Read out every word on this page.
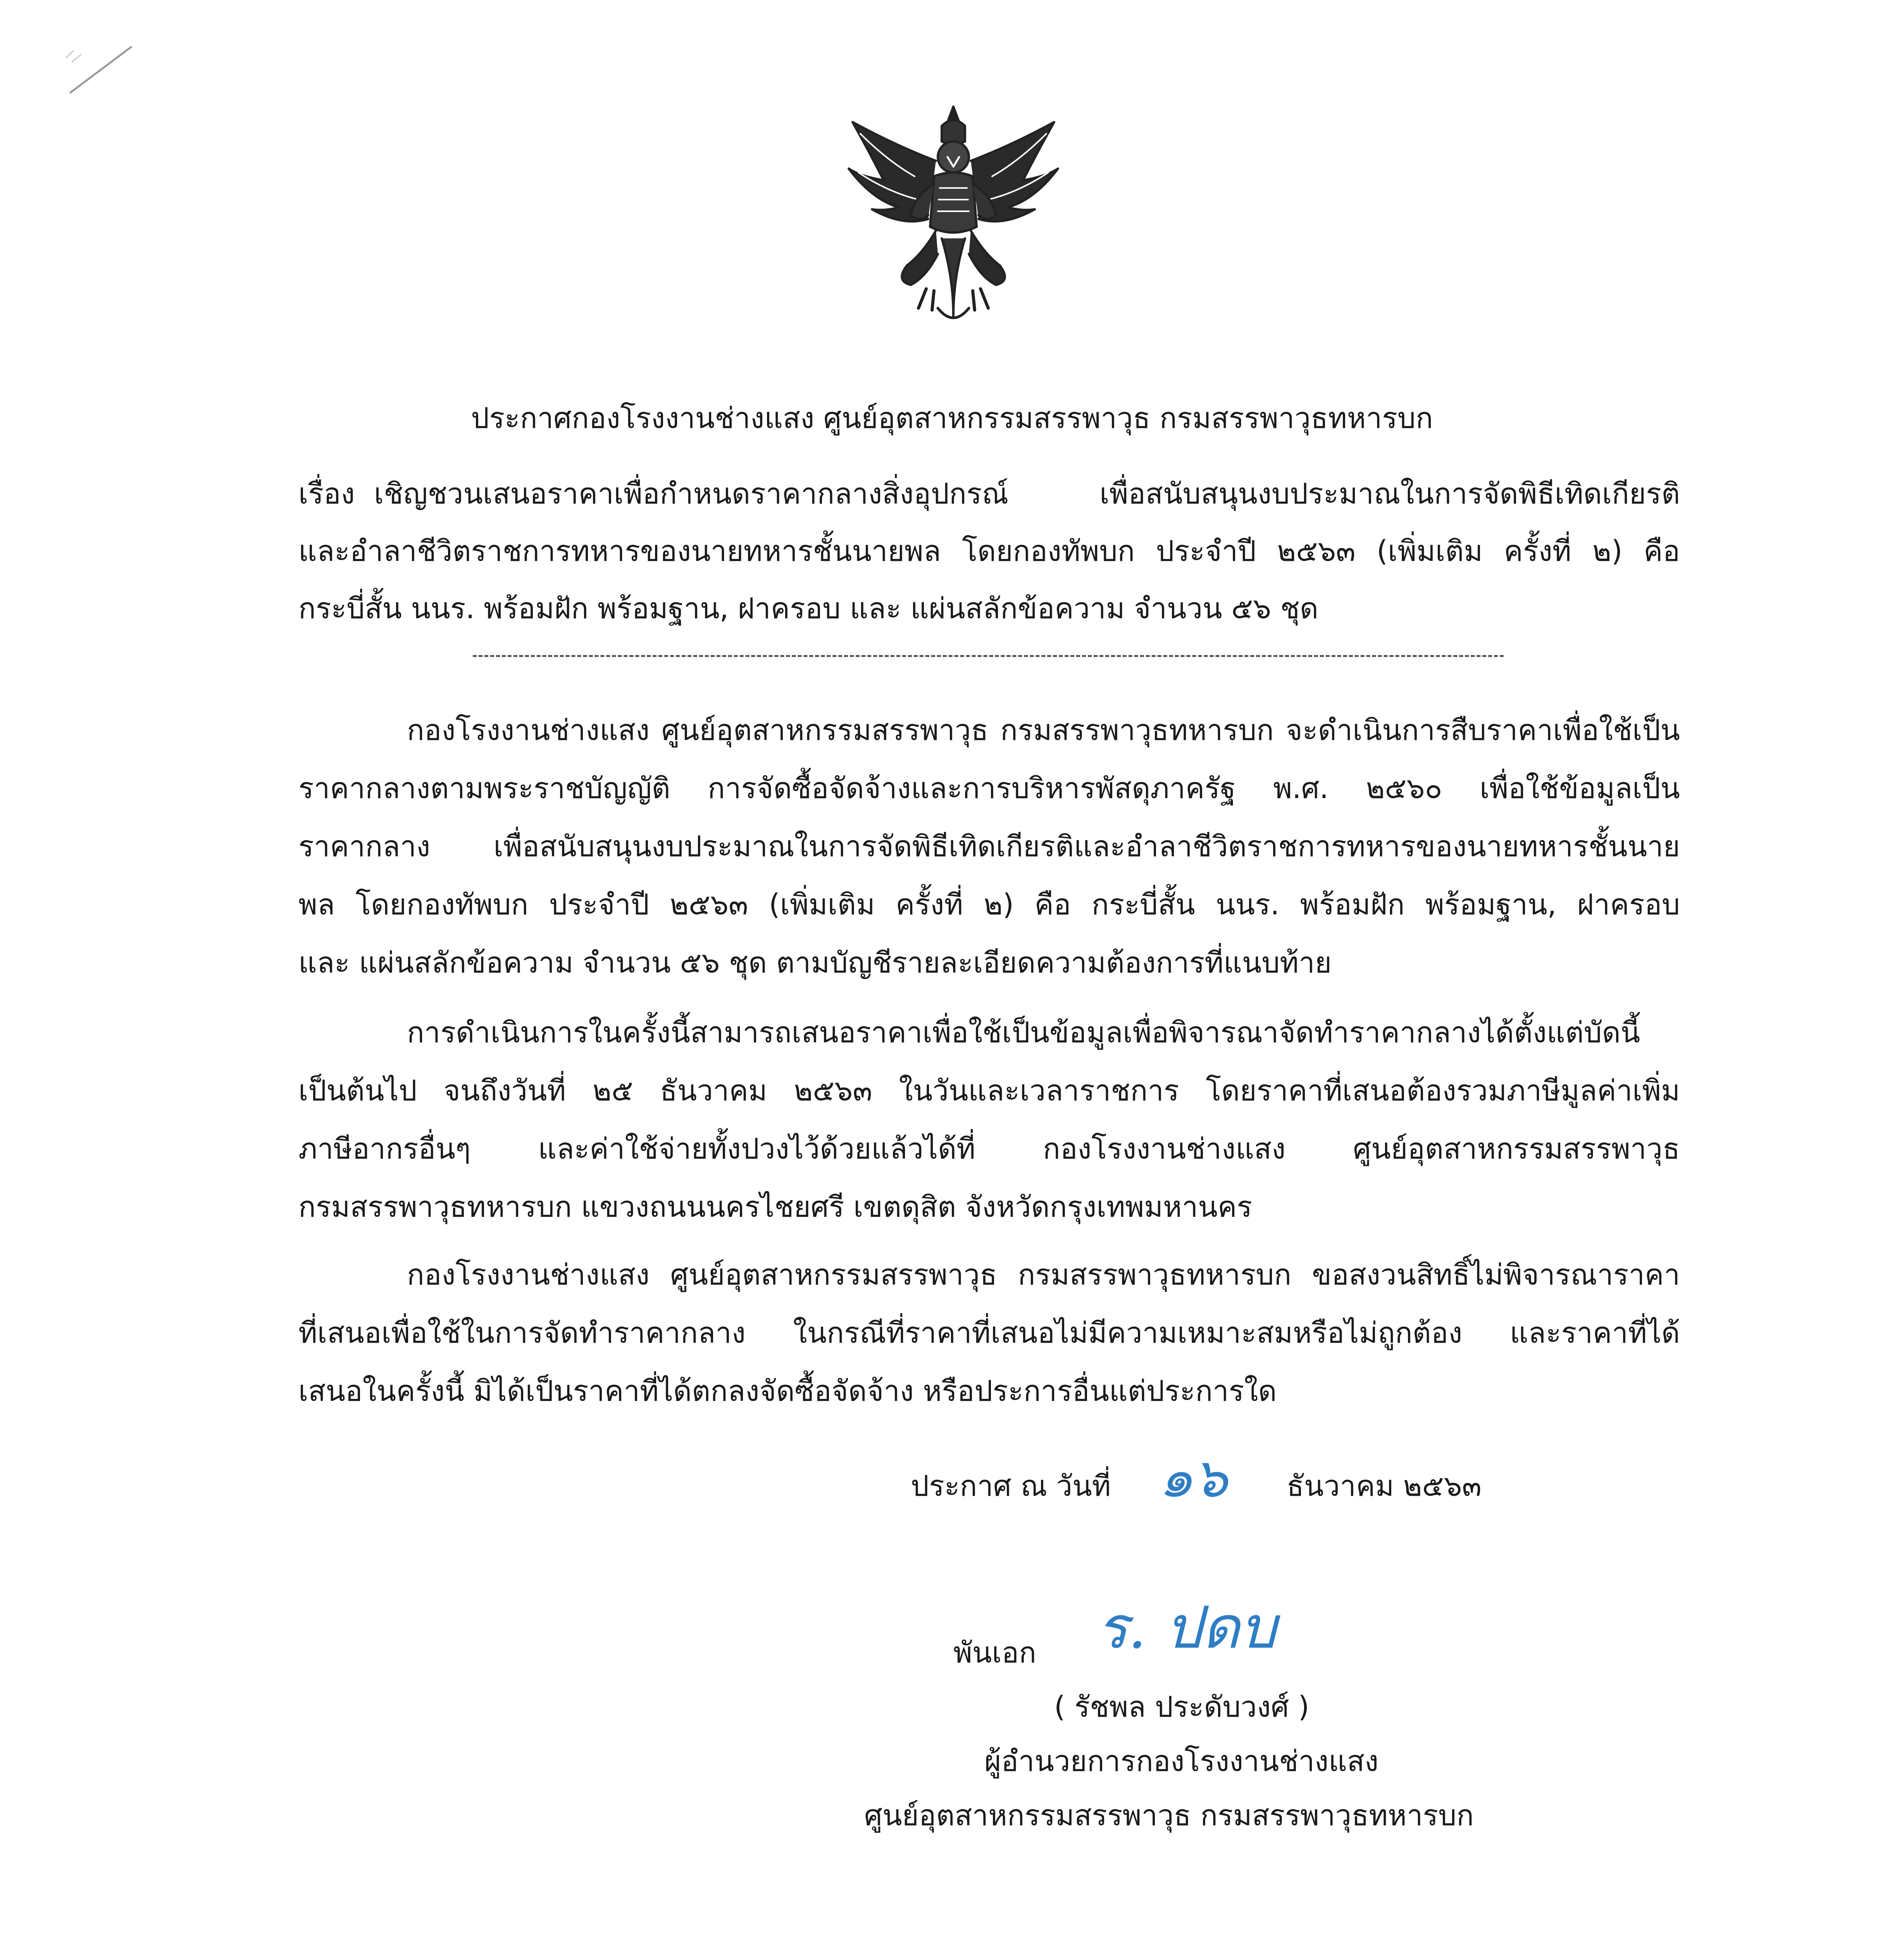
ประกาศกองโรงงานช่างแสง ศูนย์อุตสาหกรรมสรรพาวุธ กรมสรรพาวุธทหารบก
เรื่อง เชิญชวนเสนอราคาเพื่อกำหนดราคากลางสิ่งอุปกรณ์ เพื่อสนับสนุนงบประมาณในการจัดพิธีเทิดเกียรติ
และอำลาชีวิตราชการทหารของนายทหารชั้นนายพล โดยกองทัพบก ประจำปี ๒๕๖๓ (เพิ่มเติม ครั้งที่ ๒) คือ
กระบี่สั้น นนร. พร้อมฝัก พร้อมฐาน, ฝาครอบ และ แผ่นสลักข้อความ จำนวน ๕๖ ชุด
กองโรงงานช่างแสง ศูนย์อุตสาหกรรมสรรพาวุธ กรมสรรพาวุธทหารบก จะดำเนินการสืบราคาเพื่อใช้เป็น
ราคากลางตามพระราชบัญญัติ การจัดซื้อจัดจ้างและการบริหารพัสดุภาครัฐ พ.ศ. ๒๕๖๐ เพื่อใช้ข้อมูลเป็น
ราคากลาง เพื่อสนับสนุนงบประมาณในการจัดพิธีเทิดเกียรติและอำลาชีวิตราชการทหารของนายทหารชั้นนาย
พล โดยกองทัพบก ประจำปี ๒๕๖๓ (เพิ่มเติม ครั้งที่ ๒) คือ กระบี่สั้น นนร. พร้อมฝัก พร้อมฐาน, ฝาครอบ
และ แผ่นสลักข้อความ จำนวน ๕๖ ชุด ตามบัญชีรายละเอียดความต้องการที่แนบท้าย
การดำเนินการในครั้งนี้สามารถเสนอราคาเพื่อใช้เป็นข้อมูลเพื่อพิจารณาจัดทำราคากลางได้ตั้งแต่บัดนี้
เป็นต้นไป จนถึงวันที่ ๒๕ ธันวาคม ๒๕๖๓ ในวันและเวลาราชการ โดยราคาที่เสนอต้องรวมภาษีมูลค่าเพิ่ม
ภาษีอากรอื่นๆ และค่าใช้จ่ายทั้งปวงไว้ด้วยแล้วได้ที่ กองโรงงานช่างแสง ศูนย์อุตสาหกรรมสรรพาวุธ
กรมสรรพาวุธทหารบก แขวงถนนนครไชยศรี เขตดุสิต จังหวัดกรุงเทพมหานคร
กองโรงงานช่างแสง ศูนย์อุตสาหกรรมสรรพาวุธ กรมสรรพาวุธทหารบก ขอสงวนสิทธิ์ไม่พิจารณาราคา
ที่เสนอเพื่อใช้ในการจัดทำราคากลาง ในกรณีที่ราคาที่เสนอไม่มีความเหมาะสมหรือไม่ถูกต้อง และราคาที่ได้
เสนอในครั้งนี้ มิได้เป็นราคาที่ได้ตกลงจัดซื้อจัดจ้าง หรือประการอื่นแต่ประการใด
ประกาศ ณ วันที่ ๑๖ ธันวาคม ๒๕๖๓
พันเอก ร. ปดบ
( รัชพล ประดับวงศ์ )
ผู้อำนวยการกองโรงงานช่างแสง
ศูนย์อุตสาหกรรมสรรพาวุธ กรมสรรพาวุธทหารบก
